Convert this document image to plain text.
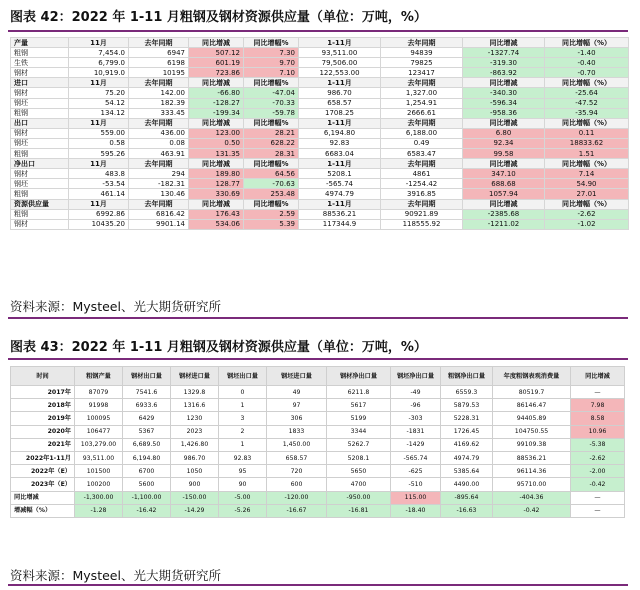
图表 42：2022 年 1-11 月粗钢及钢材资源供应量（单位：万吨，%）
产量	11月	去年同期	同比增减	同比增幅%	1-11月	去年同期	同比增减	同比增幅（%）
粗钢	7,454.0	6947	507.12	7.30	93,511.00	94839	-1327.74	-1.40
生铁	6,799.0	6198	601.19	9.70	79,506.00	79825	-319.30	-0.40
钢材	10,919.0	10195	723.86	7.10	122,553.00	123417	-863.92	-0.70
进口	11月	去年同期	同比增减	同比增幅%	1-11月	去年同期	同比增减	同比增幅（%）
钢材	75.20	142.00	-66.80	-47.04	986.70	1,327.00	-340.30	-25.64
钢坯	54.12	182.39	-128.27	-70.33	658.57	1,254.91	-596.34	-47.52
粗钢	134.12	333.45	-199.34	-59.78	1708.25	2666.61	-958.36	-35.94
出口	11月	去年同期	同比增减	同比增幅%	1-11月	去年同期	同比增减	同比增幅（%）
钢材	559.00	436.00	123.00	28.21	6,194.80	6,188.00	6.80	0.11
钢坯	0.58	0.08	0.50	628.22	92.83	0.49	92.34	18833.62
粗钢	595.26	463.91	131.35	28.31	6683.04	6583.47	99.58	1.51
净出口	11月	去年同期	同比增减	同比增幅%	1-11月	去年同期	同比增减	同比增幅（%）
钢材	483.8	294	189.80	64.56	5208.1	4861	347.10	7.14
钢坯	-53.54	-182.31	128.77	-70.63	-565.74	-1254.42	688.68	54.90
粗钢	461.14	130.46	330.69	253.48	4974.79	3916.85	1057.94	27.01
资源供应量	11月	去年同期	同比增减	同比增幅%	1-11月	去年同期	同比增减	同比增幅（%）
粗钢	6992.86	6816.42	176.43	2.59	88536.21	90921.89	-2385.68	-2.62
钢材	10435.20	9901.14	534.06	5.39	117344.9	118555.92	-1211.02	-1.02
资料来源：Mysteel、光大期货研究所
图表 43：2022 年 1-11 月粗钢及钢材资源供应量（单位：万吨，%）
时间	粗钢产量	钢材出口量	钢材进口量	钢坯出口量	钢坯进口量	钢材净出口量	钢坯净出口量	粗钢净出口量	年度粗钢表观消费量	同比增减
2017年	87079	7541.6	1329.8	0	49	6211.8	-49	6559.3	80519.7	—
2018年	91998	6933.6	1316.6	1	97	5617	-96	5879.53	86146.47	7.98
2019年	100095	6429	1230	3	306	5199	-303	5228.31	94405.89	8.58
2020年	106477	5367	2023	2	1833	3344	-1831	1726.45	104750.55	10.96
2021年	103,279.00	6,689.50	1,426.80	1	1,450.00	5262.7	-1429	4169.62	99109.38	-5.38
2022年1-11月	93,511.00	6,194.80	986.70	92.83	658.57	5208.1	-565.74	4974.79	88536.21	-2.62
2022年（E）	101500	6700	1050	95	720	5650	-625	5385.64	96114.36	-2.00
2023年（E）	100200	5600	900	90	600	4700	-510	4490.00	95710.00	-0.42
同比增减	-1,300.00	-1,100.00	-150.00	-5.00	-120.00	-950.00	115.00	-895.64	-404.36	—
增减幅（%）	-1.28	-16.42	-14.29	-5.26	-16.67	-16.81	-18.40	-16.63	-0.42	—
资料来源：Mysteel、光大期货研究所
